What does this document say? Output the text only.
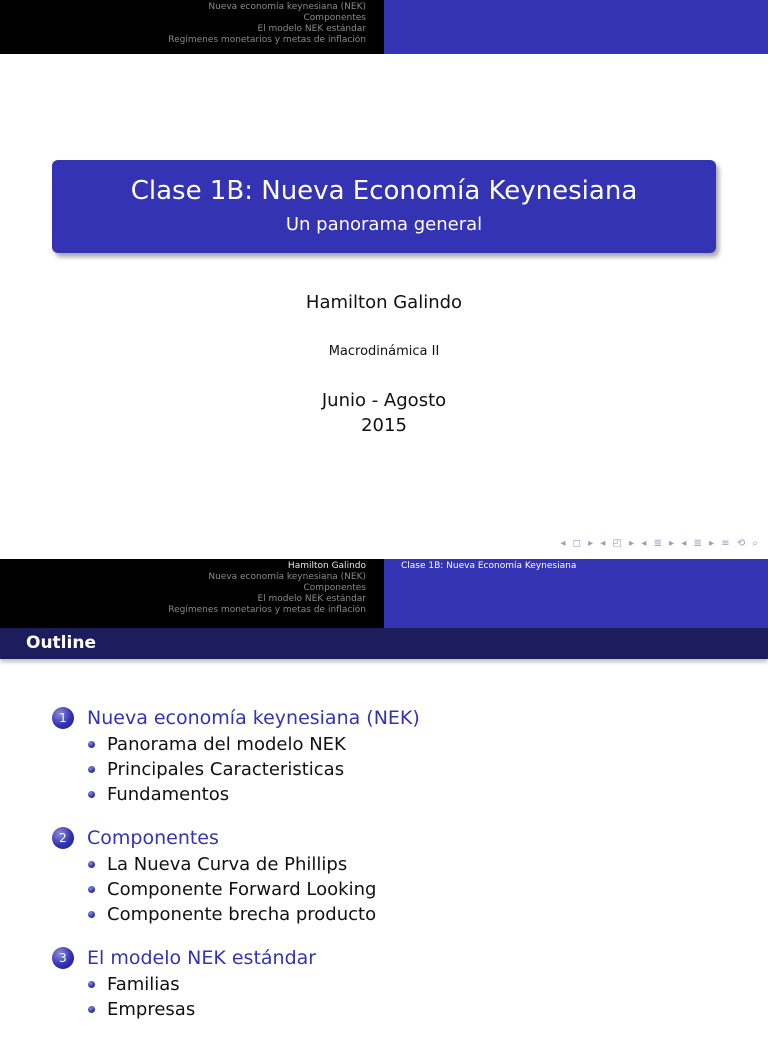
Nueva economía keynesiana (NEK)
Componentes
El modelo NEK estándar
Regímenes monetarios y metas de inflación
Clase 1B: Nueva Economía Keynesiana
Un panorama general
Hamilton Galindo
Macrodinámica II
Junio - Agosto
2015
◂ ◻ ▸ ◂ ◰ ▸ ◂ ≣ ▸ ◂ ≣ ▸ ≡ ⟲ ⌕
Hamilton Galindo
Nueva economía keynesiana (NEK)
Componentes
El modelo NEK estándar
Regímenes monetarios y metas de inflación
Clase 1B: Nueva Economía Keynesiana
Outline
1	Nueva economía keynesiana (NEK)
Panorama del modelo NEK
Principales Caracteristicas
Fundamentos
2	Componentes
La Nueva Curva de Phillips
Componente Forward Looking
Componente brecha producto
3	El modelo NEK estándar
Familias
Empresas
